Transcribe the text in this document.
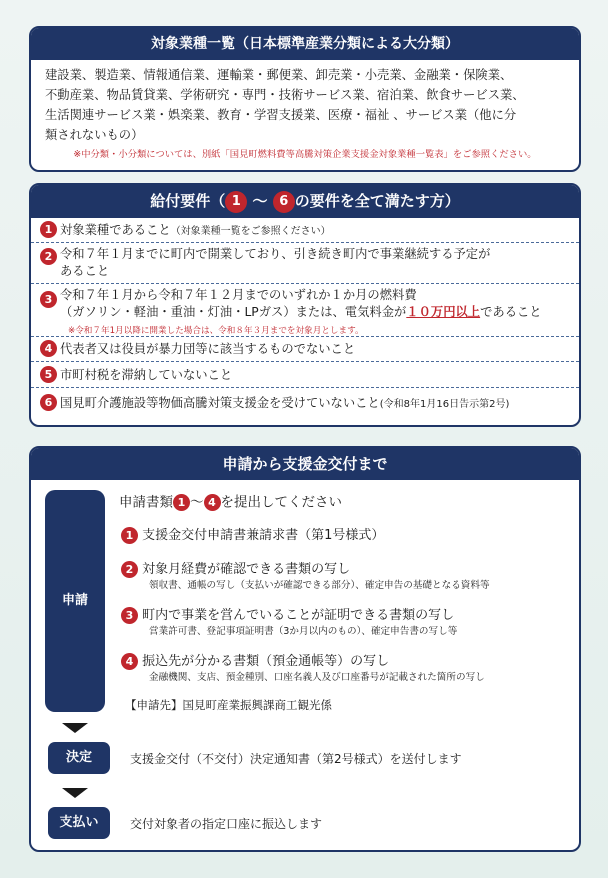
対象業種一覧（日本標準産業分類による大分類）
建設業、製造業、情報通信業、運輸業・郵便業、卸売業・小売業、金融業・保険業、
不動産業、物品賃貸業、学術研究・専門・技術サービス業、宿泊業、飲食サービス業、
生活関連サービス業・娯楽業、教育・学習支援業、医療・福祉 、サービス業（他に分
類されないもの）
※中分類・小分類については、別紙「国見町燃料費等高騰対策企業支援金対象業種一覧表」をご参照ください。
給付要件（ 1 ～ 6 の要件を全て満たす方）
1 対象業種であること（対象業種一覧をご参照ください）
2 令和７年１月までに町内で開業しており、引き続き町内で事業継続する予定が
あること
3 令和７年１月から令和７年１２月までのいずれか１か月の燃料費
（ガソリン・軽油・重油・灯油・LPガス）または、電気料金が１０万円以上であること
※令和７年1月以降に開業した場合は、令和８年３月までを対象月とします。
4 代表者又は役員が暴力団等に該当するものでないこと
5 市町村税を滞納していないこと
6 国見町介護施設等物価高騰対策支援金を受けていないこと(令和8年1月16日告示第2号)
申請から支援金交付まで
申請
申請書類 1 ～ 4 を提出してください
1 支援金交付申請書兼請求書（第1号様式）
2 対象月経費が確認できる書類の写し
領収書、通帳の写し（支払いが確認できる部分）、確定申告の基礎となる資料等
3 町内で事業を営んでいることが証明できる書類の写し
営業許可書、登記事項証明書（3か月以内のもの）、確定申告書の写し等
4 振込先が分かる書類（預金通帳等）の写し
金融機関、支店、預金種別、口座名義人及び口座番号が記載された箇所の写し
【申請先】国見町産業振興課商工観光係
決定	支援金交付（不交付）決定通知書（第2号様式）を送付します
支払い	交付対象者の指定口座に振込します
